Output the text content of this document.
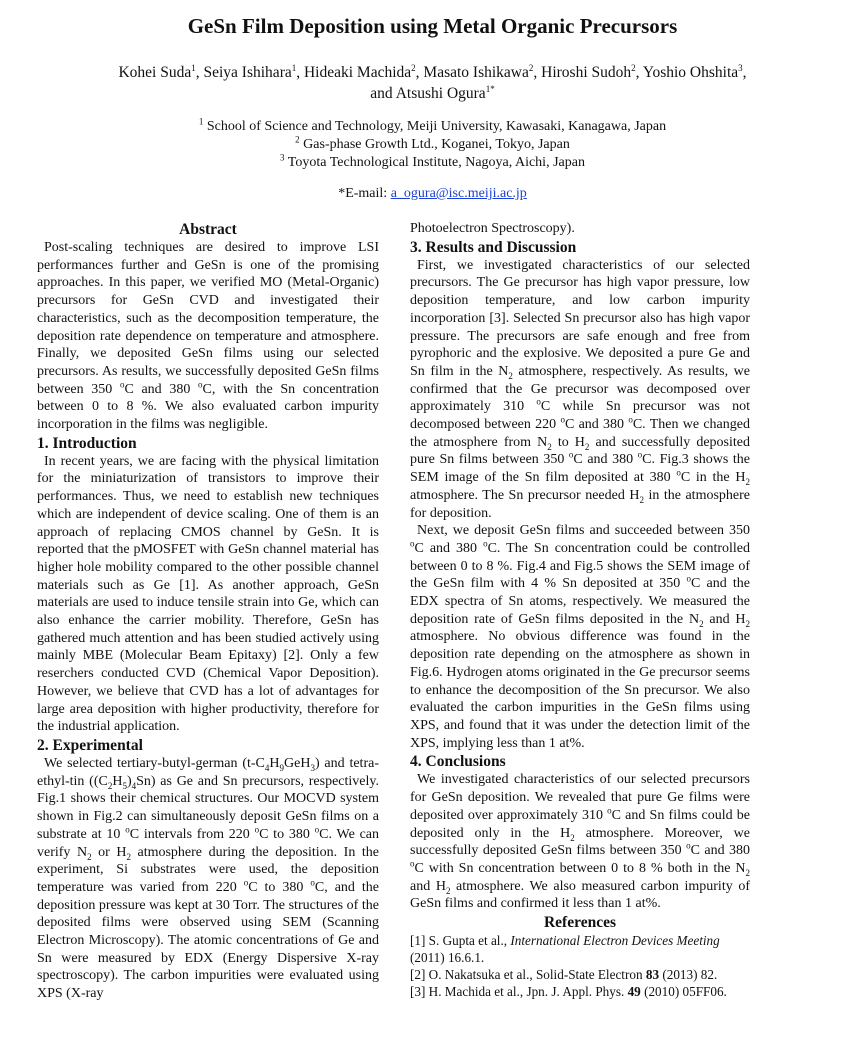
GeSn Film Deposition using Metal Organic Precursors
Kohei Suda$^1$, Seiya Ishihara$^1$, Hideaki Machida$^2$, Masato Ishikawa$^2$, Hiroshi Sudoh$^2$, Yoshio Ohshita$^3$,
and Atsushi Ogura$^{1*}$
$^1$ School of Science and Technology, Meiji University, Kawasaki, Kanagawa, Japan
$^2$ Gas-phase Growth Ltd., Koganei, Tokyo, Japan
$^3$ Toyota Technological Institute, Nagoya, Aichi, Japan
*E-mail: a_ogura@isc.meiji.ac.jp
Abstract

Post-scaling techniques are desired to improve LSI performances further and GeSn is one of the promising approaches. In this paper, we verified MO (Metal-Organic) precursors for GeSn CVD and investigated their characteristics, such as the decomposition temperature, the deposition rate dependence on temperature and atmosphere. Finally, we deposited GeSn films using our selected precursors. As results, we successfully deposited GeSn films between 350 $^o$C and 380 $^o$C, with the Sn concentration between 0 to 8 %. We also evaluated carbon impurity incorporation in the films was negligible.

1. Introduction

In recent years, we are facing with the physical limitation for the miniaturization of transistors to improve their performances. Thus, we need to establish new techniques which are independent of device scaling. One of them is an approach of replacing CMOS channel by GeSn. It is reported that the pMOSFET with GeSn channel material has higher hole mobility compared to the other possible channel materials such as Ge [1]. As another approach, GeSn materials are used to induce tensile strain into Ge, which can also enhance the carrier mobility. Therefore, GeSn has gathered much attention and has been studied actively using mainly MBE (Molecular Beam Epitaxy) [2]. Only a few reserchers conducted CVD (Chemical Vapor Deposition). However, we believe that CVD has a lot of advantages for large area deposition with higher productivity, therefore for the industrial application.

2. Experimental

We selected tertiary-butyl-german $(t-C_4H_9GeH_3)$ and tetra-ethyl-tin $((C_2H_5)_4Sn)$ as Ge and Sn precursors, respectively. Fig.1 shows their chemical structures. Our MOCVD system shown in Fig.2 can simultaneously deposit GeSn films on a substrate at 10 $^o$C intervals from 220 $^o$C to 380 $^o$C. We can verify $N_2$ or $H_2$ atmosphere during the deposition. In the experiment, Si substrates were used, the deposition temperature was varied from 220 $^o$C to 380 $^o$C, and the deposition pressure was kept at 30 Torr. The structures of the deposited films were observed using SEM (Scanning Electron Microscopy). The atomic concentrations of Ge and Sn were measured by EDX (Energy Dispersive X-ray spectroscopy). The carbon impurities were evaluated using XPS (X-ray

Photoelectron Spectroscopy).

3. Results and Discussion

First, we investigated characteristics of our selected precursors. The Ge precursor has high vapor pressure, low deposition temperature, and low carbon impurity incorporation [3]. Selected Sn precursor also has high vapor pressure. The precursors are safe enough and free from pyrophoric and the explosive. We deposited a pure Ge and Sn film in the $N_2$ atmosphere, respectively. As results, we confirmed that the Ge precursor was decomposed over approximately 310 $^o$C while Sn precursor was not decomposed between 220 $^o$C and 380 $^o$C. Then we changed the atmosphere from $N_2$ to $H_2$ and successfully deposited pure Sn films between 350 $^o$C and 380 $^o$C. Fig.3 shows the SEM image of the Sn film deposited at 380 $^o$C in the $H_2$ atmosphere. The Sn precursor needed $H_2$ in the atmosphere for deposition.

Next, we deposit GeSn films and succeeded between 350 $^o$C and 380 $^o$C. The Sn concentration could be controlled between 0 to 8 %. Fig.4 and Fig.5 shows the SEM image of the GeSn film with 4 % Sn deposited at 350 $^o$C and the EDX spectra of Sn atoms, respectively. We measured the deposition rate of GeSn films deposited in the $N_2$ and $H_2$ atmosphere. No obvious difference was found in the deposition rate depending on the atmosphere as shown in Fig.6. Hydrogen atoms originated in the Ge precursor seems to enhance the decomposition of the Sn precursor. We also evaluated the carbon impurities in the GeSn films using XPS, and found that it was under the detection limit of the XPS, implying less than 1 at%.

4. Conclusions

We investigated characteristics of our selected precursors for GeSn deposition. We revealed that pure Ge films were deposited over approximately 310 $^o$C and Sn films could be deposited only in the $H_2$ atmosphere. Moreover, we successfully deposited GeSn films between 350 $^o$C and 380 $^o$C with Sn concentration between 0 to 8 % both in the $N_2$ and $H_2$ atmosphere. We also measured carbon impurity of GeSn films and confirmed it less than 1 at%.

References

[1] S. Gupta et al., International Electron Devices Meeting (2011) 16.6.1.

[2] O. Nakatsuka et al., Solid-State Electron 83 (2013) 82.

[3] H. Machida et al., Jpn. J. Appl. Phys. 49 (2010) 05FF06.
